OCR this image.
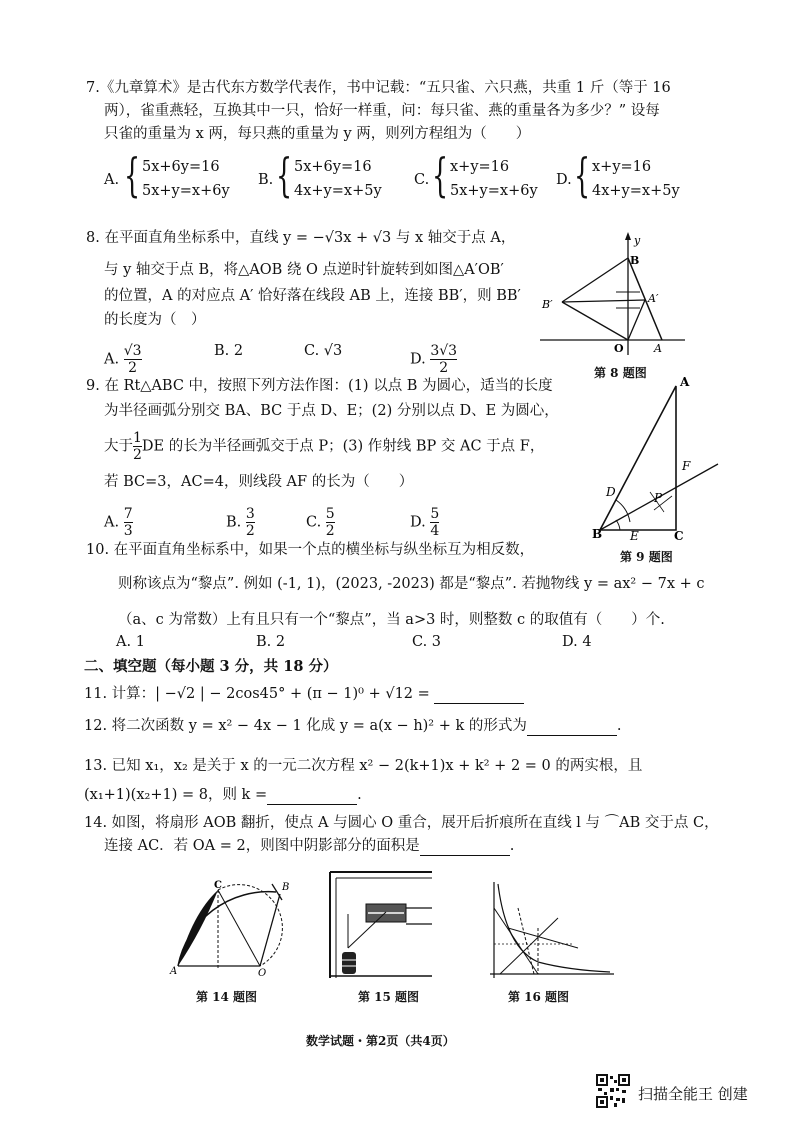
7.《九章算术》是古代东方数学代表作，书中记载：“五只雀、六只燕，共重 1 斤（等于 16
两），雀重燕轻，互换其中一只，恰好一样重，问：每只雀、燕的重量各为多少？” 设每
只雀的重量为 x 两，每只燕的重量为 y 两，则列方程组为（　　）
A. { 5x+6y=16
5x+y=x+6y
B. { 5x+6y=16
4x+y=x+5y
C. { x+y=16
5x+y=x+6y
D. { x+y=16
4x+y=x+5y
8. 在平面直角坐标系中，直线 y = −√3x + √3 与 x 轴交于点 A，
与 y 轴交于点 B，将△AOB 绕 O 点逆时针旋转到如图△A′OB′
的位置，A 的对应点 A′ 恰好落在线段 AB 上，连接 BB′，则 BB′
的长度为（　）
A. $\frac{√3}{2}$	B. 2	C. √3
D. $\frac{3√3}{2}$
y
B
B′	A′
O	A
第 8 题图
9. 在 Rt△ABC 中，按照下列方法作图：(1) 以点 B 为圆心，适当的长度
为半径画弧分别交 BA、BC 于点 D、E；(2) 分别以点 D、E 为圆心，
大于 $\frac{1}{2}$ DE 的长为半径画弧交于点 P；(3) 作射线 BP 交 AC 于点 F，
若 BC=3，AC=4，则线段 AF 的长为（　　）
A. $\frac{7}{3}$	B. $\frac{3}{2}$	C. $\frac{5}{2}$	D. $\frac{5}{4}$
A
B	C
D
E
F
P
第 9 题图
10. 在平面直角坐标系中，如果一个点的横坐标与纵坐标互为相反数，
则称该点为“黎点”. 例如 (-1, 1)，(2023, -2023) 都是“黎点”. 若抛物线 y = ax² − 7x + c
（a、c 为常数）上有且只有一个“黎点”，当 a>3 时，则整数 c 的取值有（　　）个.
A. 1	B. 2	C. 3	D. 4
二、填空题（每小题 3 分，共 18 分）
11. 计算：| −√2 | − 2cos45° + (π − 1)⁰ + √12 =
12. 将二次函数 y = x² − 4x − 1 化成 y = a(x − h)² + k 的形式为	.
13. 已知 x₁，x₂ 是关于 x 的一元二次方程 x² − 2(k+1)x + k² + 2 = 0 的两实根，且
(x₁+1)(x₂+1) = 8，则 k =	.
14. 如图，将扇形 AOB 翻折，使点 A 与圆心 O 重合，展开后折痕所在直线 l 与 ⌒AB 交于点 C，
连接 AC．若 OA = 2，则图中阴影部分的面积是	.
C	B
A	O
第 14 题图	第 15 题图	第 16 题图
数学试题・第2页（共4页）
扫描全能王 创建
